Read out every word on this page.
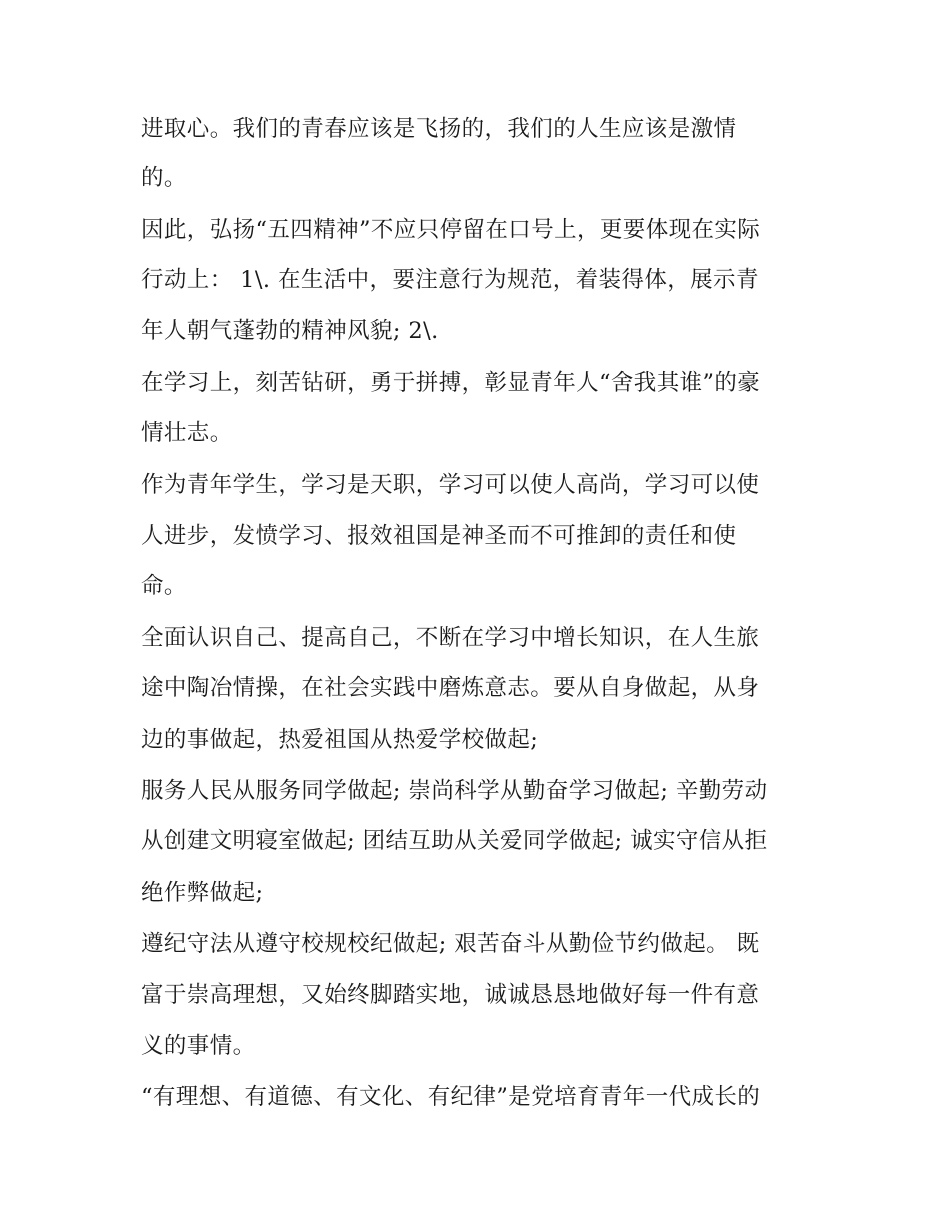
进取心。我们的青春应该是飞扬的，我们的人生应该是激情
的。
因此，弘扬“五四精神”不应只停留在口号上，更要体现在实际
行动上： 1\. 在生活中，要注意行为规范，着装得体，展示青
年人朝气蓬勃的精神风貌; 2\.
在学习上，刻苦钻研，勇于拼搏，彰显青年人“舍我其谁”的豪
情壮志。
作为青年学生，学习是天职，学习可以使人高尚，学习可以使
人进步，发愤学习、报效祖国是神圣而不可推卸的责任和使
命。
全面认识自己、提高自己，不断在学习中增长知识，在人生旅
途中陶冶情操，在社会实践中磨炼意志。要从自身做起，从身
边的事做起，热爱祖国从热爱学校做起;
服务人民从服务同学做起; 崇尚科学从勤奋学习做起; 辛勤劳动
从创建文明寝室做起; 团结互助从关爱同学做起; 诚实守信从拒
绝作弊做起;
遵纪守法从遵守校规校纪做起; 艰苦奋斗从勤俭节约做起。 既
富于崇高理想，又始终脚踏实地，诚诚恳恳地做好每一件有意
义的事情。
“有理想、有道德、有文化、有纪律”是党培育青年一代成长的
